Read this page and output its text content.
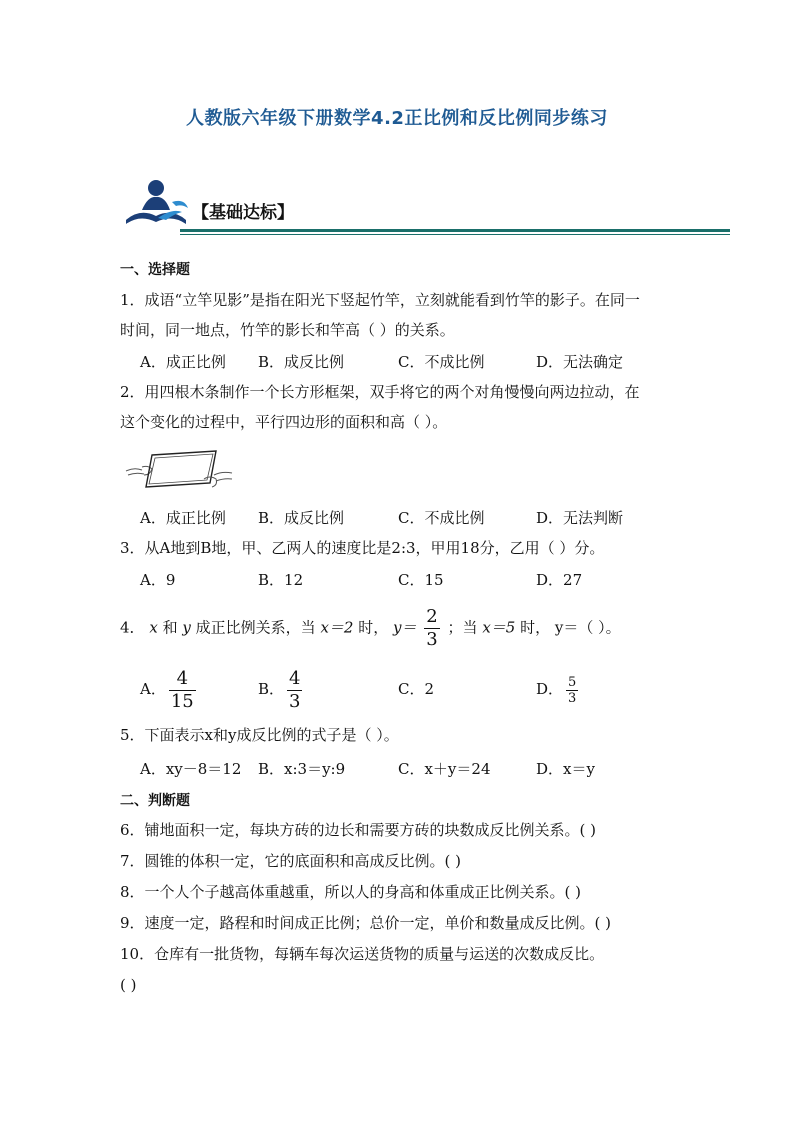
人教版六年级下册数学4.2正比例和反比例同步练习
【基础达标】
一、选择题
1．成语“立竿见影”是指在阳光下竖起竹竿，立刻就能看到竹竿的影子。在同一
时间，同一地点，竹竿的影长和竿高（ ）的关系。
A．成正比例 B．成反比例	C．不成比例	D．无法确定
2．用四根木条制作一个长方形框架，双手将它的两个对角慢慢向两边拉动，在
这个变化的过程中，平行四边形的面积和高（ ）。
A．成正比例 B．成反比例	C．不成比例	D．无法判断
3．从A地到B地，甲、乙两人的速度比是2:3，甲用18分，乙用（ ）分。
A．9	B．12	C．15	D．27
4． x 和 y 成正比例关系，当 x＝2 时， $y= \frac{2}{3}$ ；当 x＝5 时， y＝（ ）。
A． $\frac{4}{15}$	B． $\frac{4}{3}$	C．2	D． $\frac{5}{3}$
5．下面表示x和y成反比例的式子是（ ）。
A．xy－8＝12 B．x:3＝y:9	C．x＋y＝24	D．x＝y
二、判断题
6．铺地面积一定，每块方砖的边长和需要方砖的块数成反比例关系。( )
7．圆锥的体积一定，它的底面积和高成反比例。( )
8．一个人个子越高体重越重，所以人的身高和体重成正比例关系。( )
9．速度一定，路程和时间成正比例；总价一定，单价和数量成反比例。( )
10．仓库有一批货物，每辆车每次运送货物的质量与运送的次数成反比。
( )
